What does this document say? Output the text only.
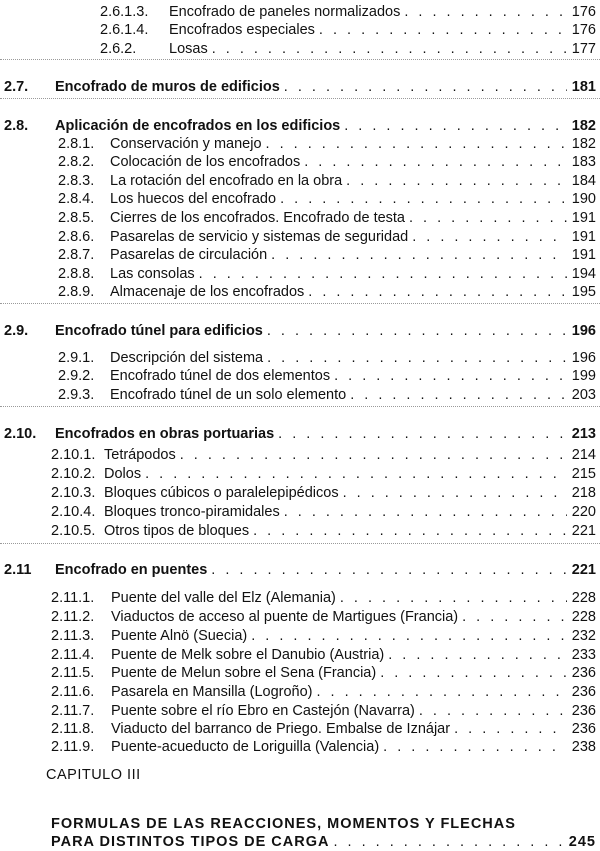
2.6.1.3.	Encofrado de paneles normalizados . . .	176
2.6.1.4.	Encofrados especiales . . .	176
2.6.2.	Losas . . .	177
2.7.	Encofrado de muros de edificios . . .	181
2.8.	Aplicación de encofrados en los edificios . . .	182
2.8.1.	Conservación y manejo . . .	182
2.8.2.	Colocación de los encofrados . . .	183
2.8.3.	La rotación del encofrado en la obra . . .	184
2.8.4.	Los huecos del encofrado . . .	190
2.8.5.	Cierres de los encofrados. Encofrado de testa . . .	191
2.8.6.	Pasarelas de servicio y sistemas de seguridad . . .	191
2.8.7.	Pasarelas de circulación . . .	191
2.8.8.	Las consolas . . .	194
2.8.9.	Almacenaje de los encofrados . . .	195
2.9.	Encofrado túnel para edificios . . .	196
2.9.1.	Descripción del sistema . . .	196
2.9.2.	Encofrado túnel de dos elementos . . .	199
2.9.3.	Encofrado túnel de un solo elemento . . .	203
2.10.	Encofrados en obras portuarias . . .	213
2.10.1. Tetrápodos . . .	214
2.10.2. Dolos . . .	215
2.10.3. Bloques cúbicos o paralelepipédicos . . .	218
2.10.4. Bloques tronco-piramidales . . .	220
2.10.5. Otros tipos de bloques . . .	221
2.11	Encofrado en puentes . . .	221
2.11.1.	Puente del valle del Elz (Alemania) . . .	228
2.11.2.	Viaductos de acceso al puente de Martigues (Francia) . . .	228
2.11.3.	Puente Alnö (Suecia) . . .	232
2.11.4.	Puente de Melk sobre el Danubio (Austria) . . .	233
2.11.5.	Puente de Melun sobre el Sena (Francia) . . .	236
2.11.6.	Pasarela en Mansilla (Logroño) . . .	236
2.11.7.	Puente sobre el río Ebro en Castejón (Navarra) . . .	236
2.11.8.	Viaducto del barranco de Priego. Embalse de Iznájar . . .	236
2.11.9.	Puente-acueducto de Loriguilla (Valencia) . . .	238
CAPITULO III
FORMULAS DE LAS REACCIONES, MOMENTOS Y FLECHAS
PARA DISTINTOS TIPOS DE CARGA . . .	245
